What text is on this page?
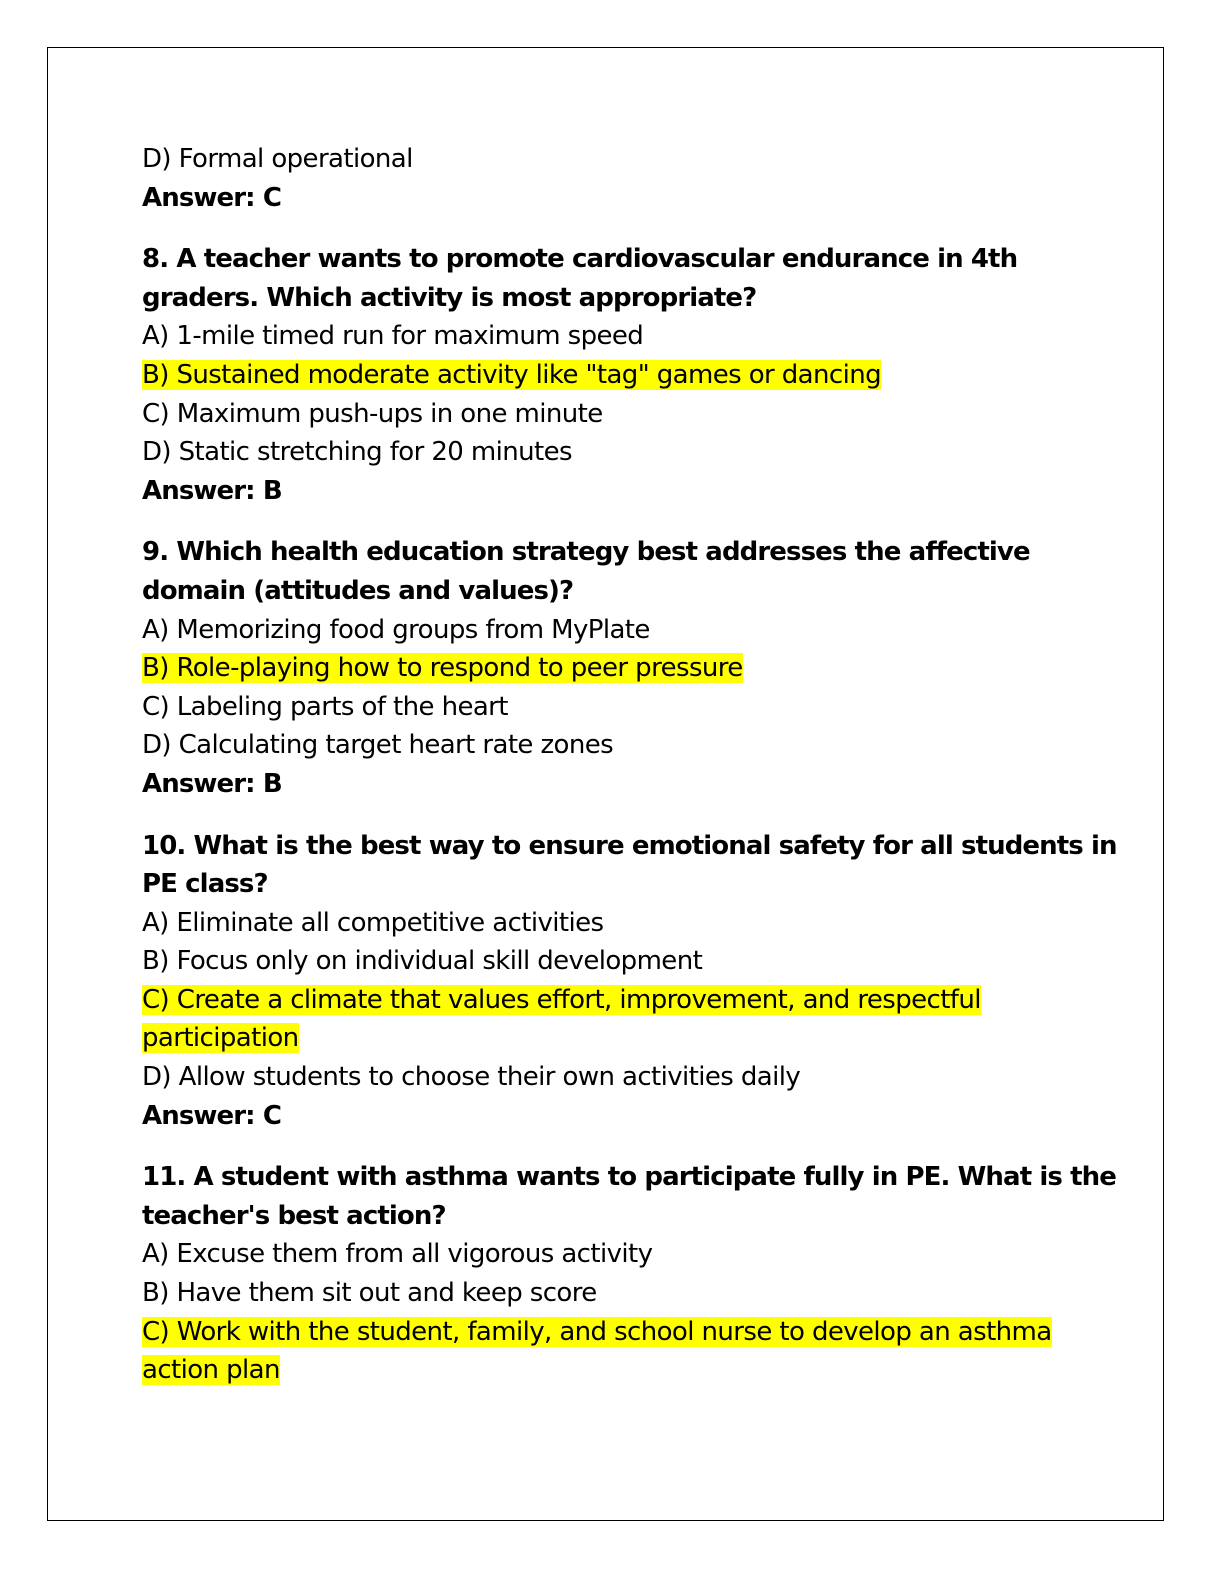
D) Formal operational
Answer: C
8. A teacher wants to promote cardiovascular endurance in 4th
graders. Which activity is most appropriate?
A) 1-mile timed run for maximum speed
B) Sustained moderate activity like "tag" games or dancing
C) Maximum push-ups in one minute
D) Static stretching for 20 minutes
Answer: B
9. Which health education strategy best addresses the affective
domain (attitudes and values)?
A) Memorizing food groups from MyPlate
B) Role-playing how to respond to peer pressure
C) Labeling parts of the heart
D) Calculating target heart rate zones
Answer: B
10. What is the best way to ensure emotional safety for all students in
PE class?
A) Eliminate all competitive activities
B) Focus only on individual skill development
C) Create a climate that values effort, improvement, and respectful
participation
D) Allow students to choose their own activities daily
Answer: C
11. A student with asthma wants to participate fully in PE. What is the
teacher's best action?
A) Excuse them from all vigorous activity
B) Have them sit out and keep score
C) Work with the student, family, and school nurse to develop an asthma
action plan
